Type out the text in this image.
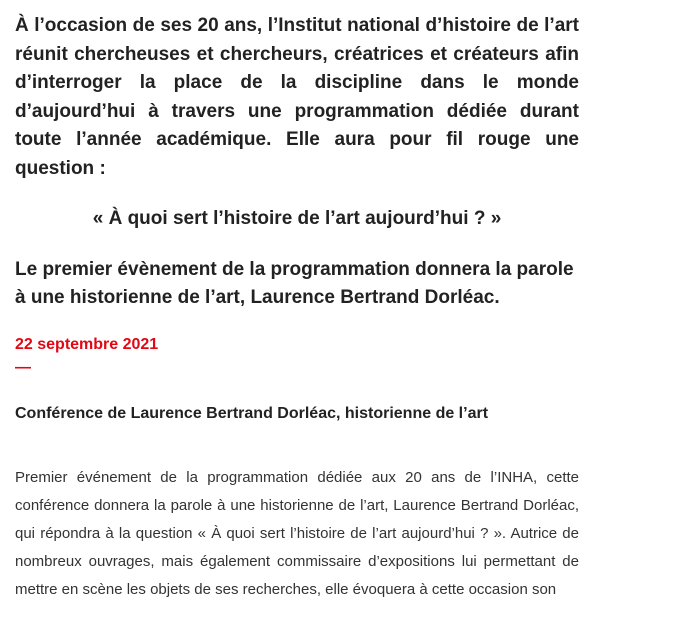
À l’occasion de ses 20 ans, l’Institut national d’histoire de l’art réunit chercheuses et chercheurs, créatrices et créateurs afin d’interroger la place de la discipline dans le monde d’aujourd’hui à travers une programmation dédiée durant toute l’année académique. Elle aura pour fil rouge une question :

« À quoi sert l’histoire de l’art aujourd’hui ? »

Le premier évènement de la programmation donnera la parole à une historienne de l’art, Laurence Bertrand Dorléac.

22 septembre 2021
—
Conférence de Laurence Bertrand Dorléac, historienne de l’art

Premier événement de la programmation dédiée aux 20 ans de l’INHA, cette conférence donnera la parole à une historienne de l’art, Laurence Bertrand Dorléac, qui répondra à la question « À quoi sert l’histoire de l’art aujourd’hui ? ». Autrice de nombreux ouvrages, mais également commissaire d’expositions lui permettant de mettre en scène les objets de ses recherches, elle évoquera à cette occasion son
